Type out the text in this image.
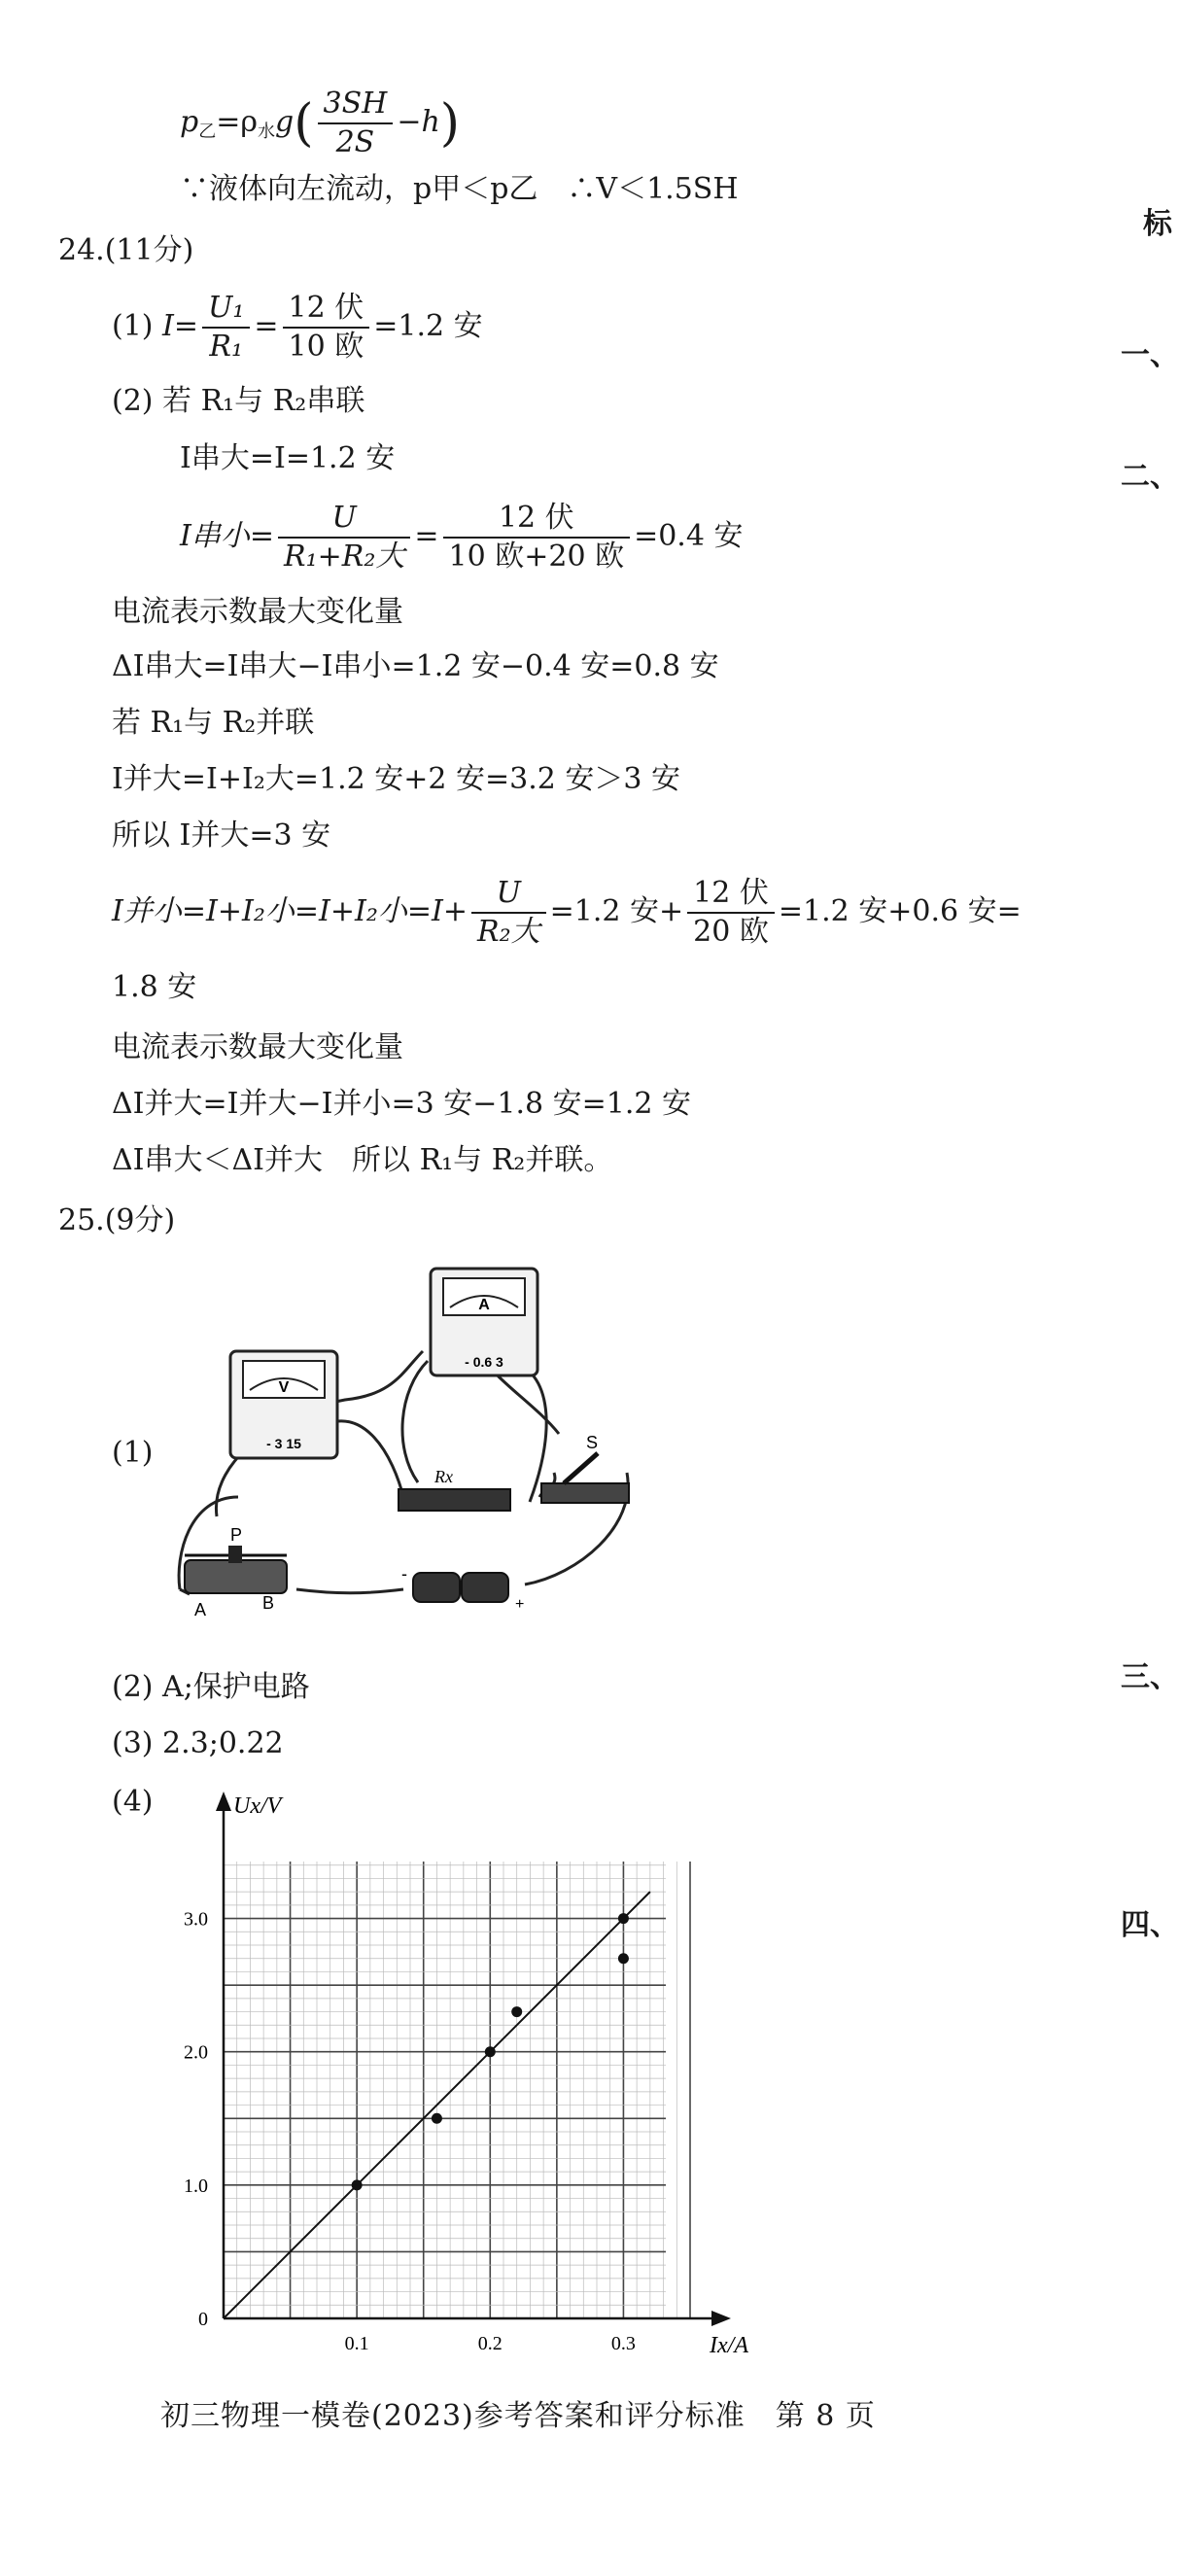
$p_乙=\rho_水g( \frac{3SH}{2S} -h)$
∵液体向左流动，p甲＜p乙　∴V＜1.5SH
24.(11分)
(1) $I= \frac{\text{U₁}}{\text{R₁}} = \frac{\text{12 伏}}{\text{10 欧}} =1.2$ 安
(2) 若 R₁与 R₂串联
I串大=I=1.2 安
I串小= $\frac{U}{\text{R₁+R₂大}} = \frac{\text{12 伏}}{\text{10 欧+20 欧}} =0.4$ 安
电流表示数最大变化量
ΔI串大=I串大−I串小=1.2 安−0.4 安=0.8 安
若 R₁与 R₂并联
I并大=I+I₂大=1.2 安+2 安=3.2 安＞3 安
所以 I并大=3 安
I并小=I+I₂小=I+I₂小$=I+ \frac{U}{\text{R₂大}} =1.2$ 安+ $\frac{\text{12 伏}}{\text{20 欧}} =1.2$ 安+0.6 安=
1.8 安
电流表示数最大变化量
ΔI并大=I并大−I并小=3 安−1.8 安=1.2 安
ΔI串大＜ΔI并大　所以 R₁与 R₂并联。
25.(9分)
(1)
V
- 3 15
A
- 0.6 3
Rx
S
P
A	B
-
+
(2) A;保护电路
(3) 2.3;0.22
(4)
0.1	0.2	0.3
0
1.0
2.0
3.0
Ux/V
Ix/A
标
一、
二、
三、
四、
初三物理一模卷(2023)参考答案和评分标准　第 8 页
